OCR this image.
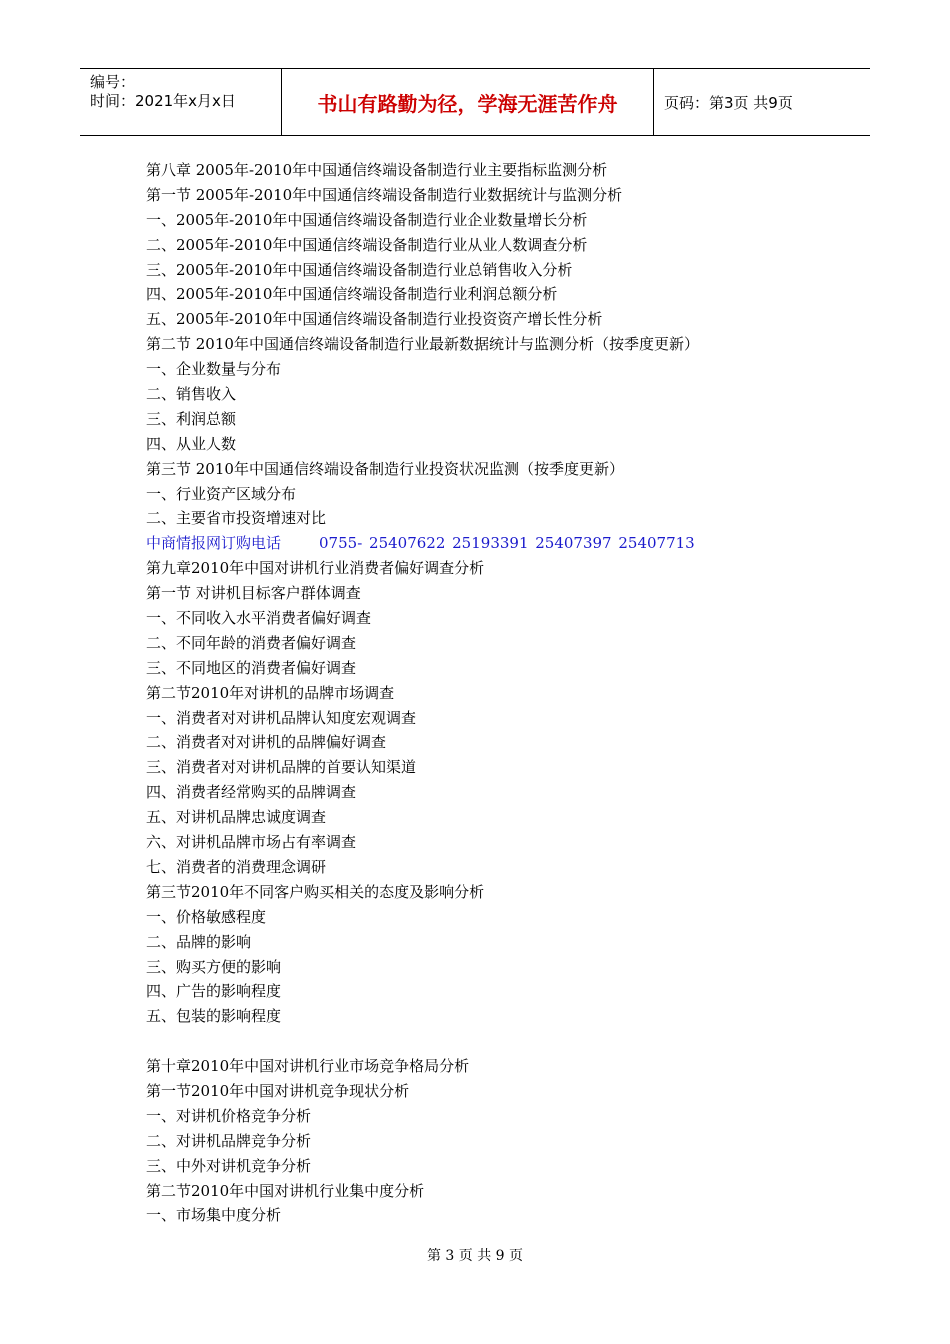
编号：
时间：2021年x月x日	书山有路勤为径，学海无涯苦作舟	页码：第3页 共9页
第八章 2005年-2010年中国通信终端设备制造行业主要指标监测分析
第一节 2005年-2010年中国通信终端设备制造行业数据统计与监测分析
一、2005年-2010年中国通信终端设备制造行业企业数量增长分析
二、2005年-2010年中国通信终端设备制造行业从业人数调查分析
三、2005年-2010年中国通信终端设备制造行业总销售收入分析
四、2005年-2010年中国通信终端设备制造行业利润总额分析
五、2005年-2010年中国通信终端设备制造行业投资资产增长性分析
第二节 2010年中国通信终端设备制造行业最新数据统计与监测分析（按季度更新）
一、企业数量与分布
二、销售收入
三、利润总额
四、从业人数
第三节 2010年中国通信终端设备制造行业投资状况监测（按季度更新）
一、行业资产区域分布
二、主要省市投资增速对比
中商情报网订购电话	0755- 25407622 25193391 25407397 25407713
第九章2010年中国对讲机行业消费者偏好调查分析
第一节 对讲机目标客户群体调查
一、不同收入水平消费者偏好调查
二、不同年龄的消费者偏好调查
三、不同地区的消费者偏好调查
第二节2010年对讲机的品牌市场调查
一、消费者对对讲机品牌认知度宏观调查
二、消费者对对讲机的品牌偏好调查
三、消费者对对讲机品牌的首要认知渠道
四、消费者经常购买的品牌调查
五、对讲机品牌忠诚度调查
六、对讲机品牌市场占有率调查
七、消费者的消费理念调研
第三节2010年不同客户购买相关的态度及影响分析
一、价格敏感程度
二、品牌的影响
三、购买方便的影响
四、广告的影响程度
五、包装的影响程度
第十章2010年中国对讲机行业市场竞争格局分析
第一节2010年中国对讲机竞争现状分析
一、对讲机价格竞争分析
二、对讲机品牌竞争分析
三、中外对讲机竞争分析
第二节2010年中国对讲机行业集中度分析
一、市场集中度分析
第 3 页 共 9 页
